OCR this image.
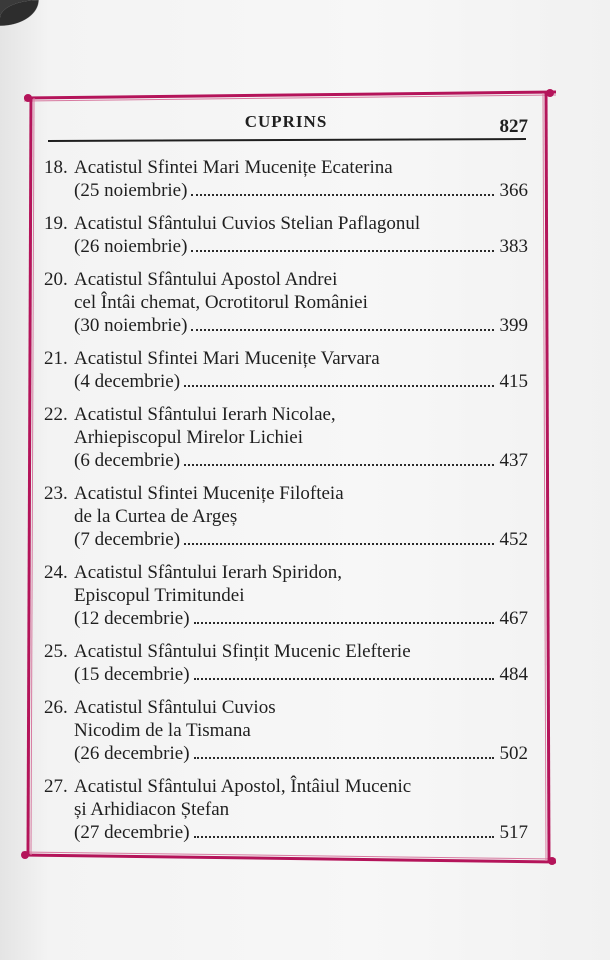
CUPRINS	827
18. Acatistul Sfintei Mari Mucenițe Ecaterina
(25 noiembrie)	366
19. Acatistul Sfântului Cuvios Stelian Paflagonul
(26 noiembrie)	383
20. Acatistul Sfântului Apostol Andrei
cel Întâi chemat, Ocrotitorul României
(30 noiembrie)	399
21. Acatistul Sfintei Mari Mucenițe Varvara
(4 decembrie)	415
22. Acatistul Sfântului Ierarh Nicolae,
Arhiepiscopul Mirelor Lichiei
(6 decembrie)	437
23. Acatistul Sfintei Mucenițe Filofteia
de la Curtea de Argeș
(7 decembrie)	452
24. Acatistul Sfântului Ierarh Spiridon,
Episcopul Trimitundei
(12 decembrie)	467
25. Acatistul Sfântului Sfințit Mucenic Elefterie
(15 decembrie)	484
26. Acatistul Sfântului Cuvios
Nicodim de la Tismana
(26 decembrie)	502
27. Acatistul Sfântului Apostol, Întâiul Mucenic
și Arhidiacon Ștefan
(27 decembrie)	517
